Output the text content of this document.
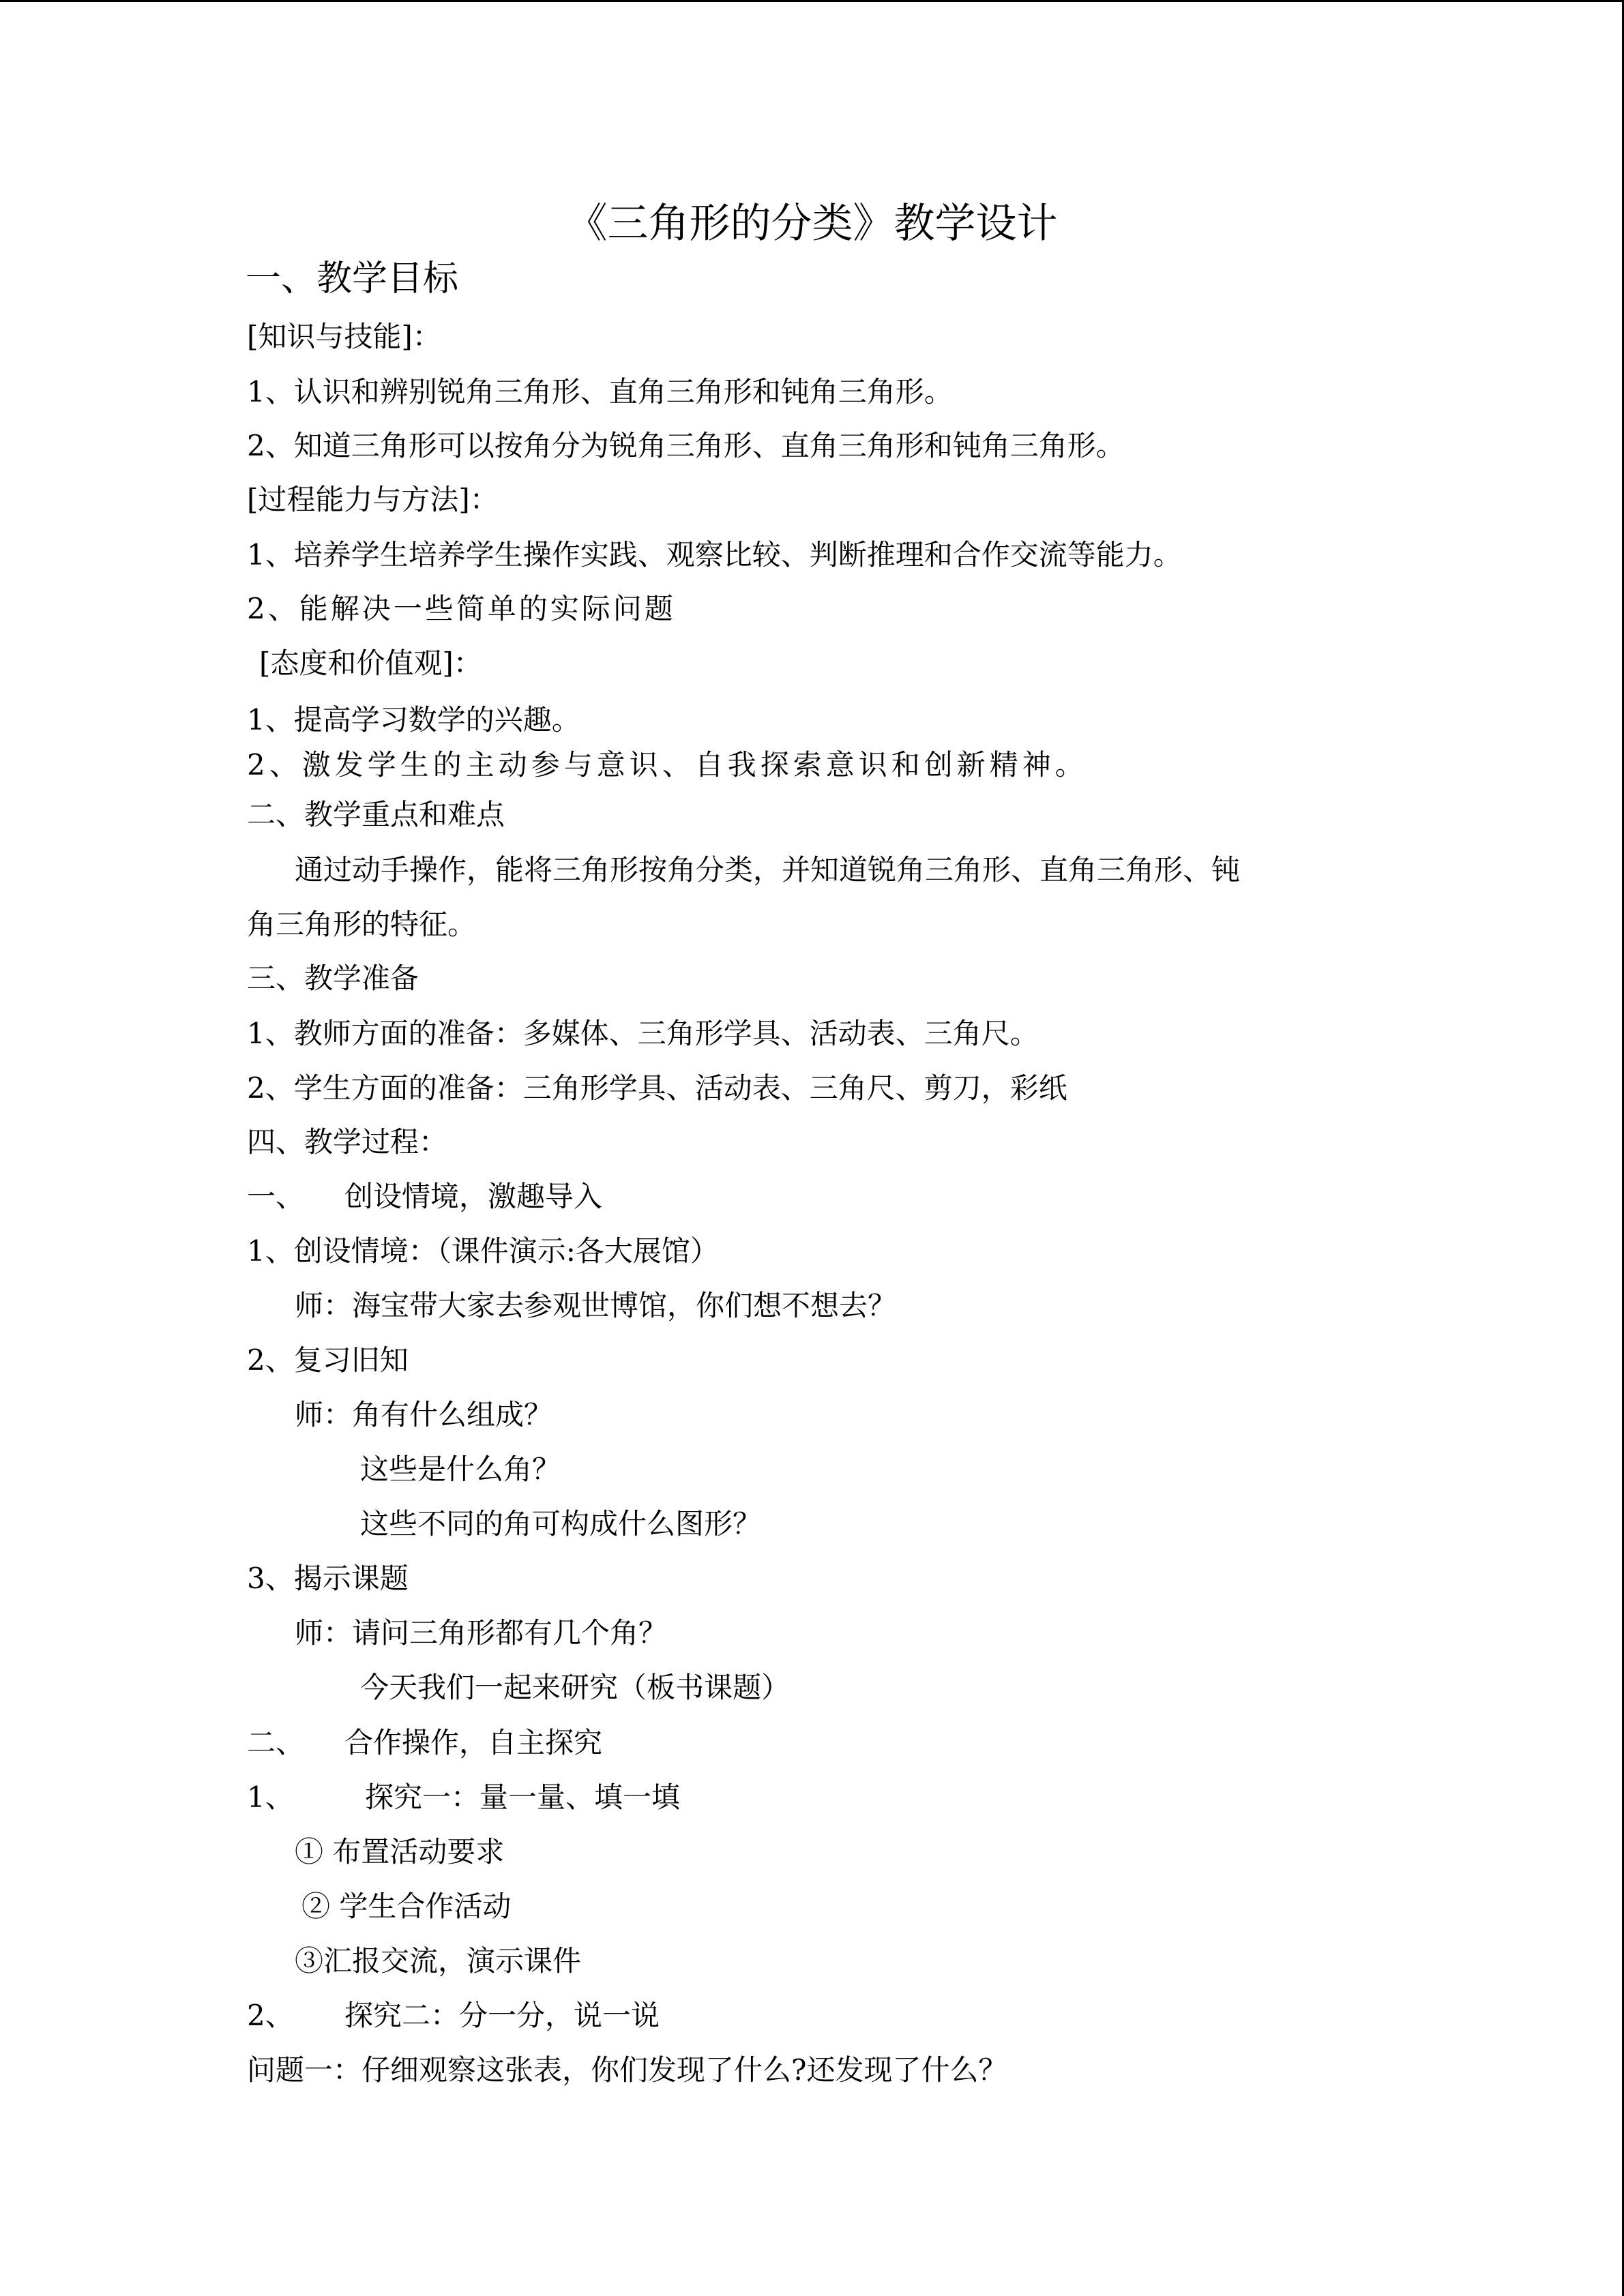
《三角形的分类》教学设计
一、教学目标
[知识与技能]：
1、认识和辨别锐角三角形、直角三角形和钝角三角形。
2、知道三角形可以按角分为锐角三角形、直角三角形和钝角三角形。
[过程能力与方法]：
1、培养学生培养学生操作实践、观察比较、判断推理和合作交流等能力。
2、能解决一些简单的实际问题
[态度和价值观]：
1、提高学习数学的兴趣。
2、激发学生的主动参与意识、自我探索意识和创新精神。
二、教学重点和难点
通过动手操作，能将三角形按角分类，并知道锐角三角形、直角三角形、钝
角三角形的特征。
三、教学准备
1、教师方面的准备：多媒体、三角形学具、活动表、三角尺。
2、学生方面的准备：三角形学具、活动表、三角尺、剪刀，彩纸
四、教学过程：
一、 创设情境，激趣导入
1、创设情境：（课件演示:各大展馆）
师：海宝带大家去参观世博馆，你们想不想去？
2、复习旧知
师：角有什么组成？
这些是什么角？
这些不同的角可构成什么图形？
3、揭示课题
师：请问三角形都有几个角？
今天我们一起来研究（板书课题）
二、 合作操作，自主探究
1、 探究一：量一量、填一填
① 布置活动要求
② 学生合作活动
③汇报交流，演示课件
2、 探究二：分一分，说一说
问题一：仔细观察这张表，你们发现了什么?还发现了什么？
